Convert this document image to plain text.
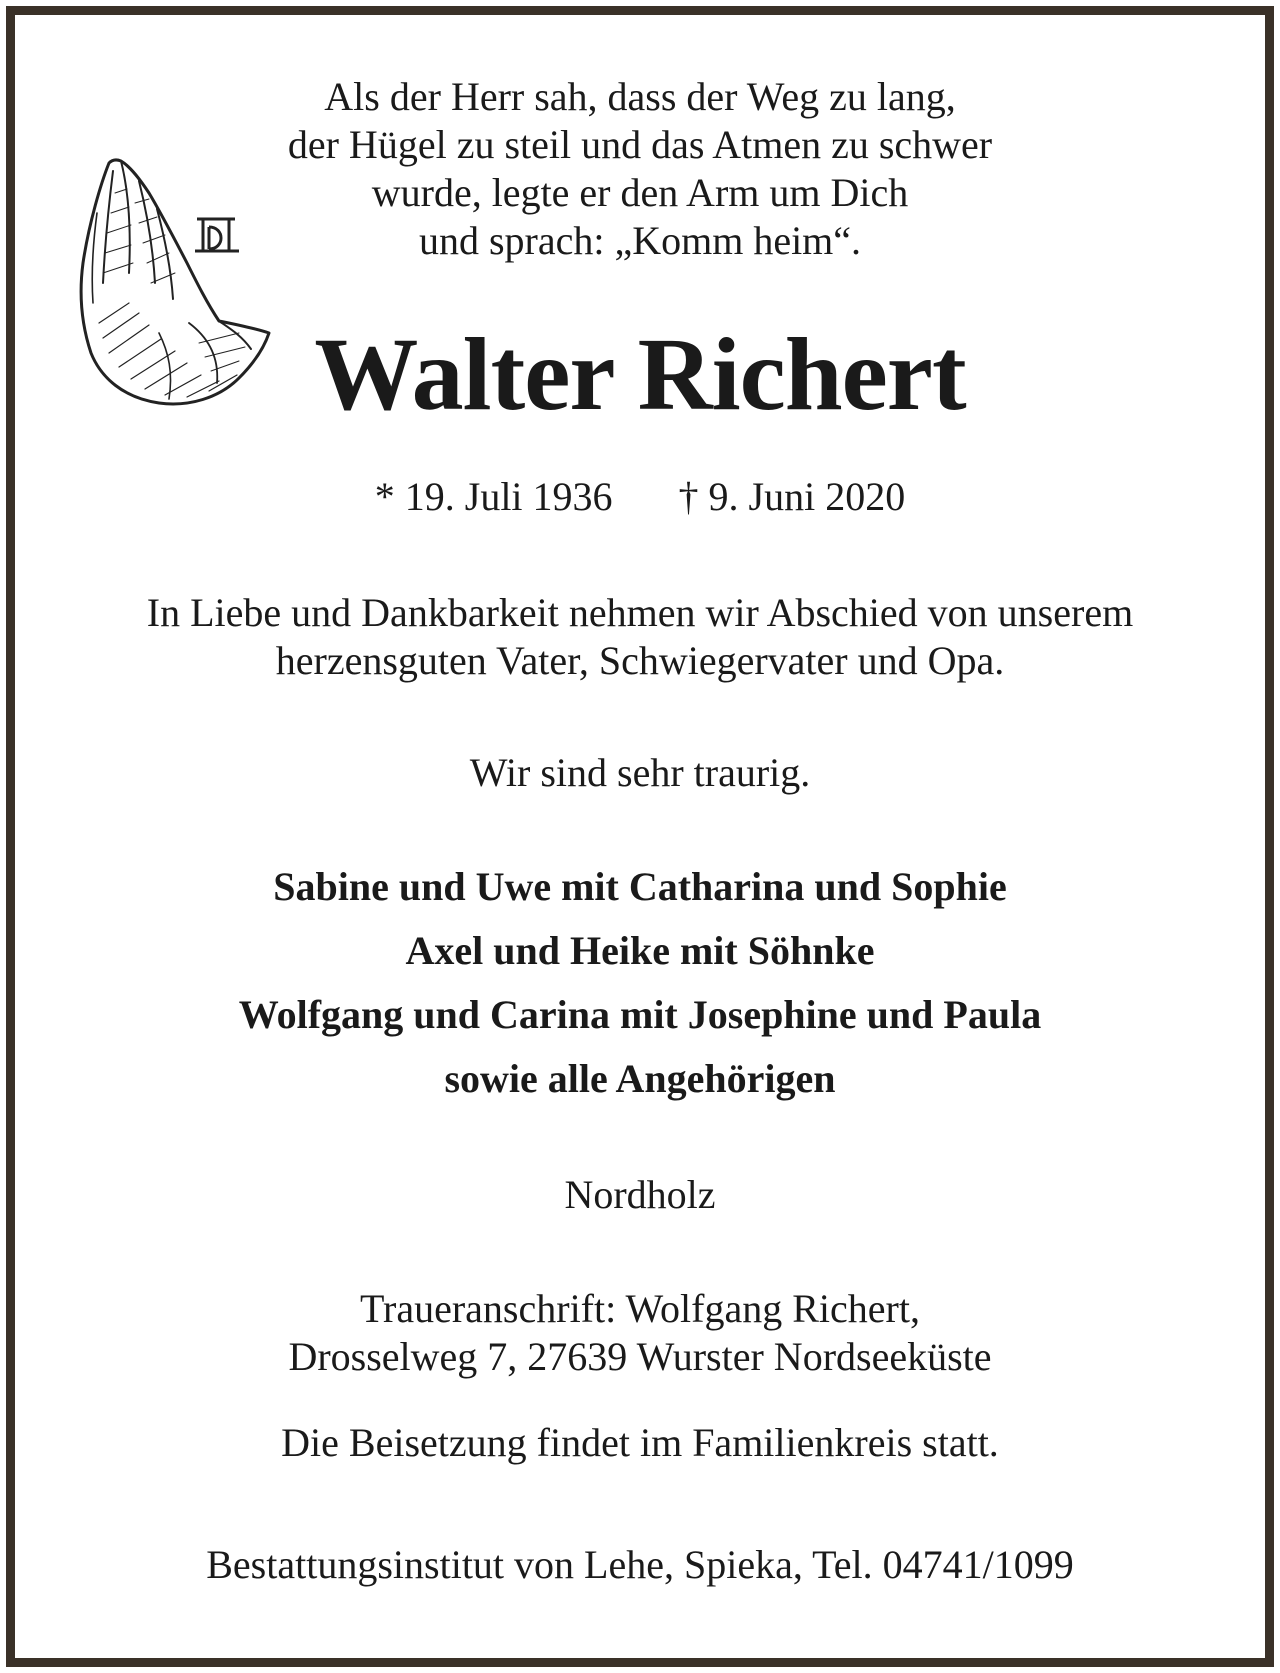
Als der Herr sah, dass der Weg zu lang,
der Hügel zu steil und das Atmen zu schwer
wurde, legte er den Arm um Dich
und sprach: „Komm heim“.
Walter Richert
* 19. Juli 1936 † 9. Juni 2020
In Liebe und Dankbarkeit nehmen wir Abschied von unserem
herzensguten Vater, Schwiegervater und Opa.
Wir sind sehr traurig.
Sabine und Uwe mit Catharina und Sophie
Axel und Heike mit Söhnke
Wolfgang und Carina mit Josephine und Paula
sowie alle Angehörigen
Nordholz
Traueranschrift: Wolfgang Richert,
Drosselweg 7, 27639 Wurster Nordseeküste
Die Beisetzung findet im Familienkreis statt.
Bestattungsinstitut von Lehe, Spieka, Tel. 04741/1099
